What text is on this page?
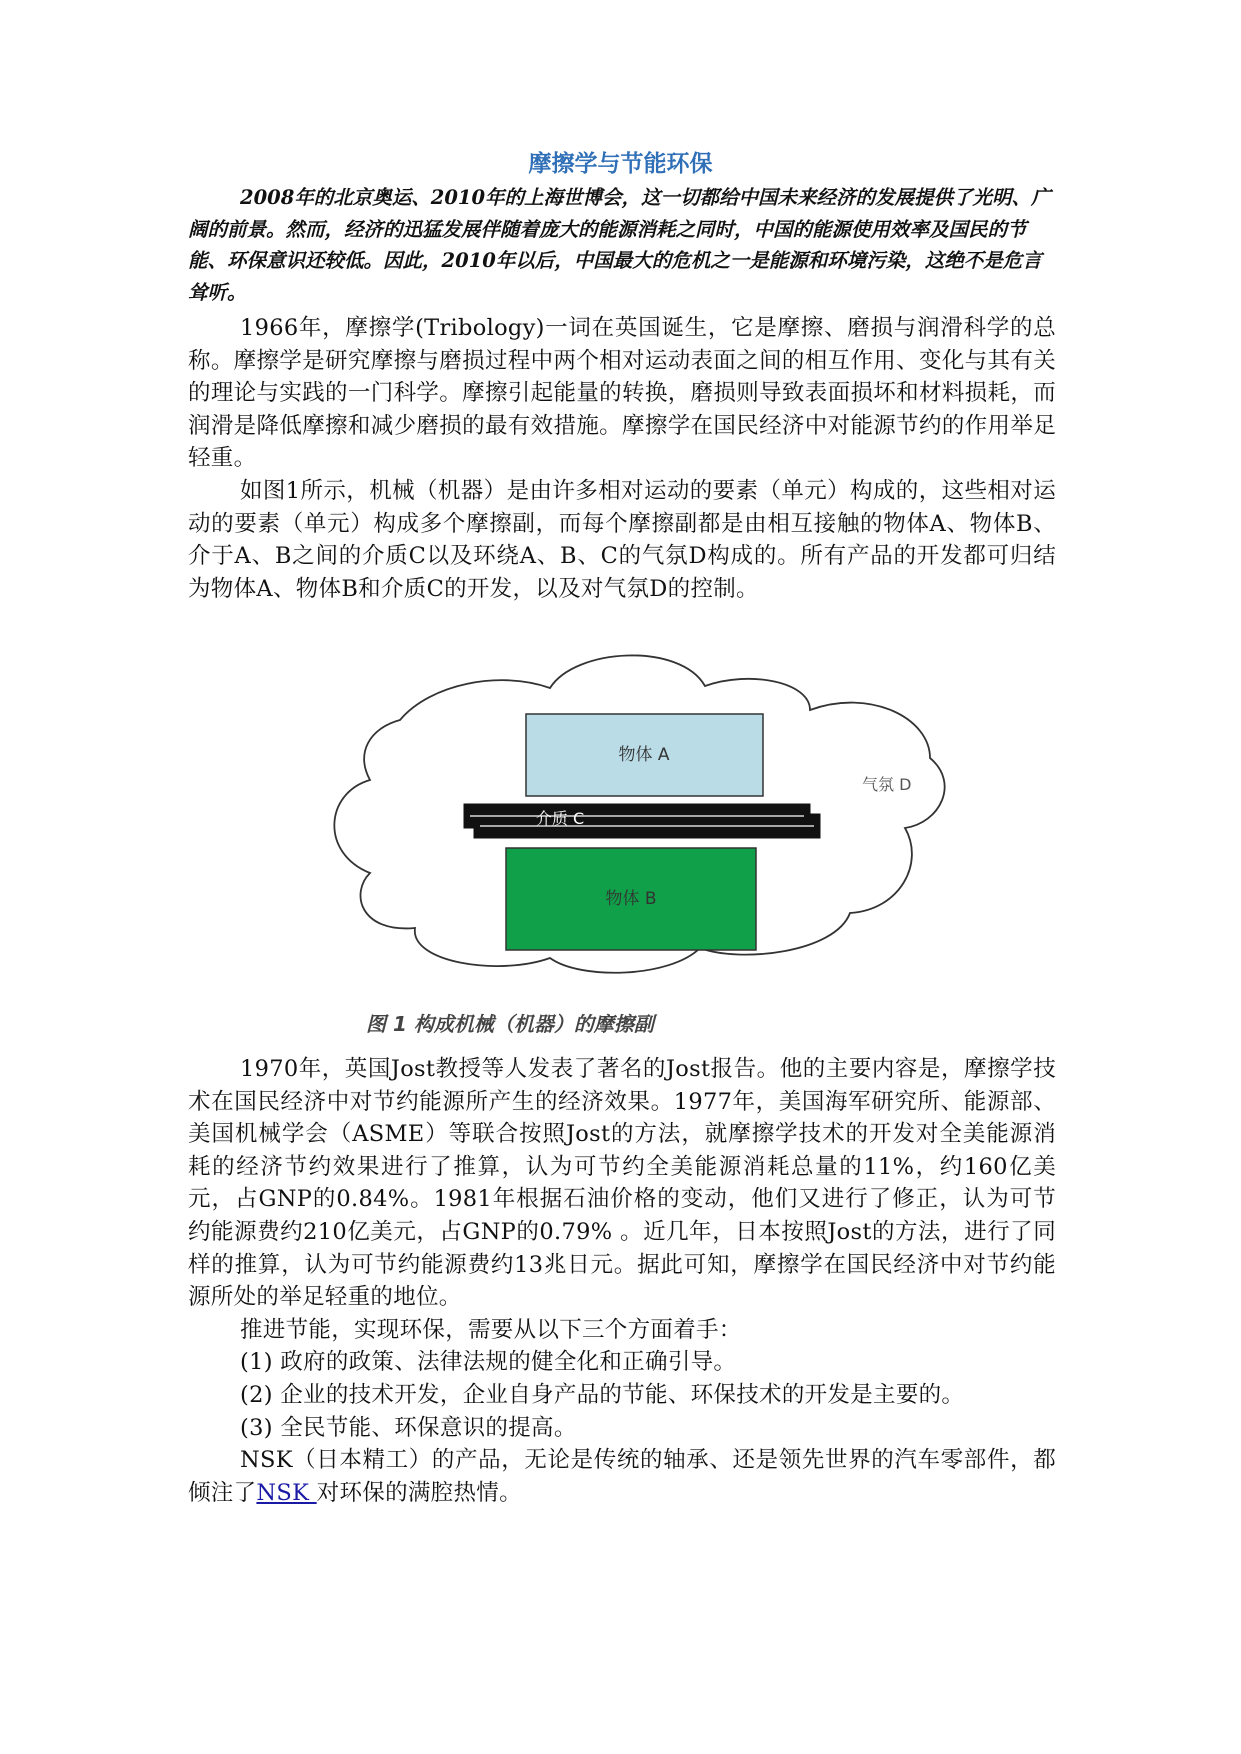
摩擦学与节能环保

2008年的北京奥运、2010年的上海世博会，这一切都给中国未来经济的发展提供了光明、广阔的前景。然而，经济的迅猛发展伴随着庞大的能源消耗之同时，中国的能源使用效率及国民的节能、环保意识还较低。因此，2010年以后，中国最大的危机之一是能源和环境污染，这绝不是危言耸听。

1966年，摩擦学(Tribology)一词在英国诞生，它是摩擦、磨损与润滑科学的总称。摩擦学是研究摩擦与磨损过程中两个相对运动表面之间的相互作用、变化与其有关的理论与实践的一门科学。摩擦引起能量的转换，磨损则导致表面损坏和材料损耗，而润滑是降低摩擦和减少磨损的最有效措施。摩擦学在国民经济中对能源节约的作用举足轻重。

如图1所示，机械（机器）是由许多相对运动的要素（单元）构成的，这些相对运动的要素（单元）构成多个摩擦副，而每个摩擦副都是由相互接触的物体A、物体B、介于A、B之间的介质C以及环绕A、B、C的气氛D构成的。所有产品的开发都可归结为物体A、物体B和介质C的开发，以及对气氛D的控制。

物体 A
介质 C
物体 B
气氛 D
图 1 构成机械（机器）的摩擦副

1970年，英国Jost教授等人发表了著名的Jost报告。他的主要内容是，摩擦学技术在国民经济中对节约能源所产生的经济效果。1977年，美国海军研究所、能源部、美国机械学会（ASME）等联合按照Jost的方法，就摩擦学技术的开发对全美能源消耗的经济节约效果进行了推算，认为可节约全美能源消耗总量的11%，约160亿美元，占GNP的0.84%。1981年根据石油价格的变动，他们又进行了修正，认为可节约能源费约210亿美元，占GNP的0.79% 。近几年，日本按照Jost的方法，进行了同样的推算，认为可节约能源费约13兆日元。据此可知，摩擦学在国民经济中对节约能源所处的举足轻重的地位。

推进节能，实现环保，需要从以下三个方面着手：

(1) 政府的政策、法律法规的健全化和正确引导。

(2) 企业的技术开发，企业自身产品的节能、环保技术的开发是主要的。

(3) 全民节能、环保意识的提高。

NSK（日本精工）的产品，无论是传统的轴承、还是领先世界的汽车零部件，都倾注了NSK 对环保的满腔热情。
